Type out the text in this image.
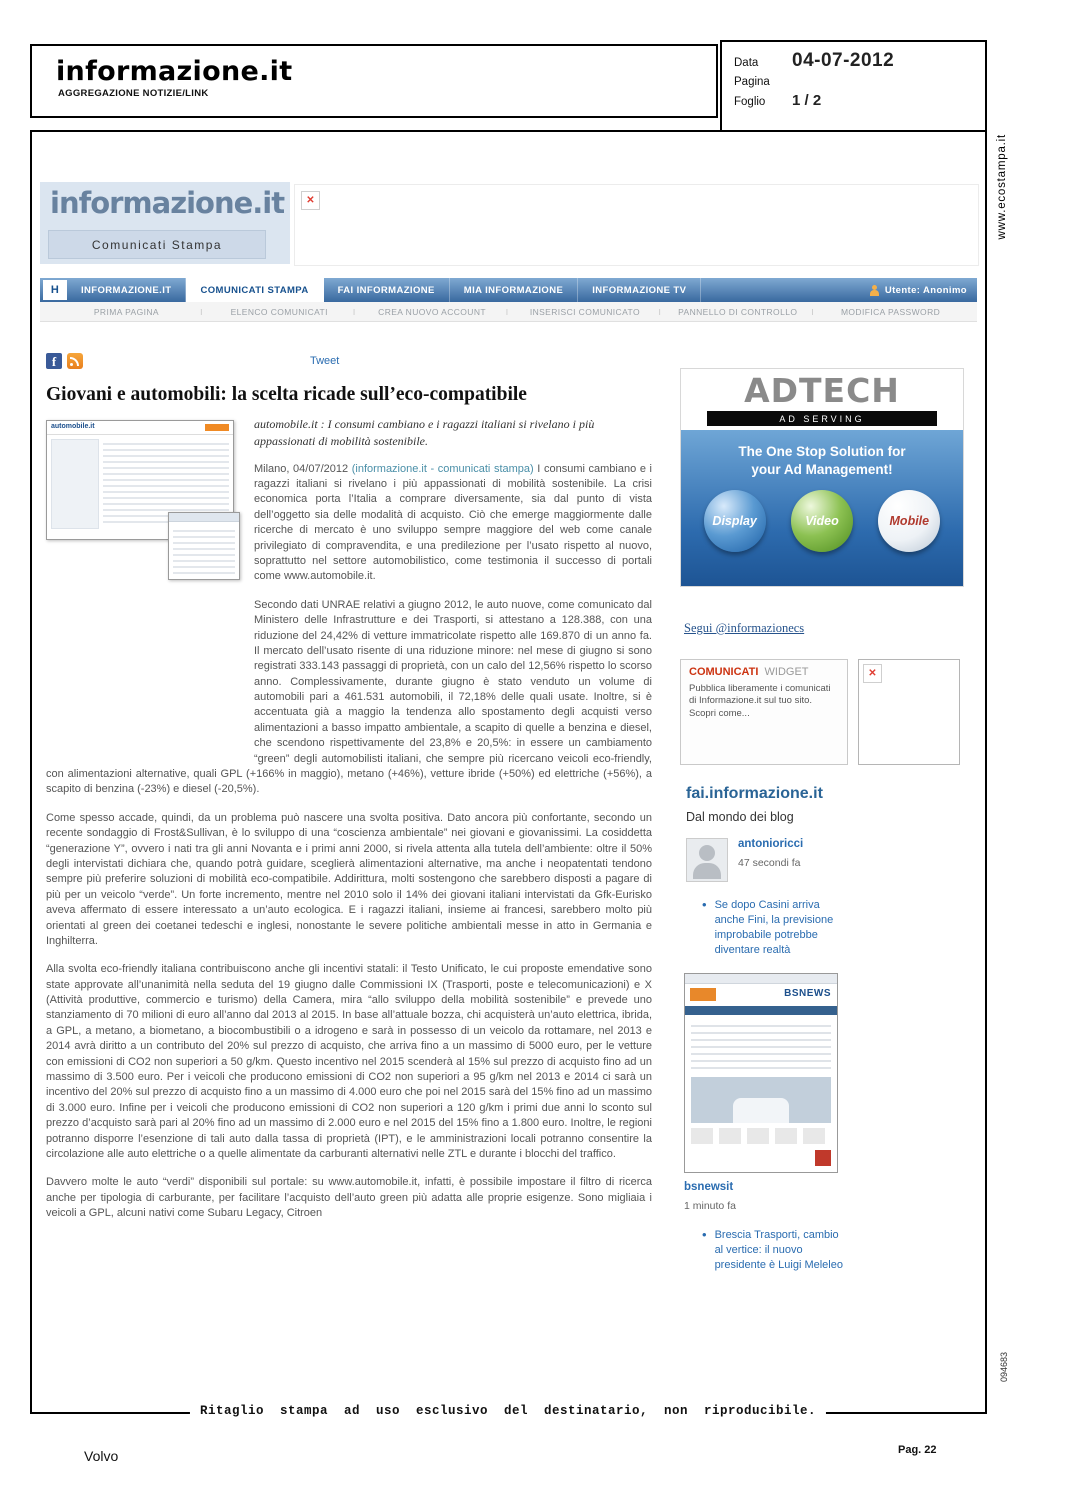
informazione.it
AGGREGAZIONE NOTIZIE/LINK
Data	04-07-2012
Pagina
Foglio	1 / 2
www.ecostampa.it
094683
informazione.it
Comunicati Stampa
✕
H	INFORMAZIONE.IT	COMUNICATI STAMPA	FAI INFORMAZIONE	MIA INFORMAZIONE	INFORMAZIONE TV	Utente: Anonimo
PRIMA PAGINA I	ELENCO COMUNICATI I	CREA NUOVO ACCOUNT I	INSERISCI COMUNICATO I	PANNELLO DI CONTROLLO I	MODIFICA PASSWORD
f	Tweet
Giovani e automobili: la scelta ricade sull’eco-compatibile
automobile.it	automobile.it : I consumi cambiano e i ragazzi italiani si rivelano i più appassionati di mobilità sostenibile.

Milano, 04/07/2012 (informazione.it - comunicati stampa) I consumi cambiano e i ragazzi italiani si rivelano i più appassionati di mobilità sostenibile. La crisi economica porta l’Italia a comprare diversamente, sia dal punto di vista dell’oggetto sia delle modalità di acquisto. Ciò che emerge maggiormente dalle ricerche di mercato è uno sviluppo sempre maggiore del web come canale privilegiato di compravendita, e una predilezione per l’usato rispetto al nuovo, soprattutto nel settore automobilistico, come testimonia il successo di portali come www.automobile.it.

Secondo dati UNRAE relativi a giugno 2012, le auto nuove, come comunicato dal Ministero delle Infrastrutture e dei Trasporti, si attestano a 128.388, con una riduzione del 24,42% di vetture immatricolate rispetto alle 169.870 di un anno fa. Il mercato dell’usato risente di una riduzione minore: nel mese di giugno si sono registrati 333.143 passaggi di proprietà, con un calo del 12,56% rispetto lo scorso anno. Complessivamente, durante giugno è stato venduto un volume di automobili pari a 461.531 automobili, il 72,18% delle quali usate. Inoltre, si è accentuata già a maggio la tendenza allo spostamento degli acquisti verso alimentazioni a basso impatto ambientale, a scapito di quelle a benzina e diesel, che scendono rispettivamente del 23,8% e 20,5%: in essere un cambiamento “green” degli automobilisti italiani, che sempre più ricercano veicoli eco-friendly, con alimentazioni alternative, quali GPL (+166% in maggio), metano (+46%), vetture ibride (+50%) ed elettriche (+56%), a scapito di benzina (-23%) e diesel (-20,5%).

Come spesso accade, quindi, da un problema può nascere una svolta positiva. Dato ancora più confortante, secondo un recente sondaggio di Frost&Sullivan, è lo sviluppo di una “coscienza ambientale” nei giovani e giovanissimi. La cosiddetta “generazione Y”, ovvero i nati tra gli anni Novanta e i primi anni 2000, si rivela attenta alla tutela dell’ambiente: oltre il 50% degli intervistati dichiara che, quando potrà guidare, sceglierà alimentazioni alternative, ma anche i neopatentati tendono sempre più preferire soluzioni di mobilità eco-compatibile. Addirittura, molti sostengono che sarebbero disposti a pagare di più per un veicolo “verde”. Un forte incremento, mentre nel 2010 solo il 14% dei giovani italiani intervistati da Gfk-Eurisko aveva affermato di essere interessato a un’auto ecologica. E i ragazzi italiani, insieme ai francesi, sarebbero molto più orientati al green dei coetanei tedeschi e inglesi, nonostante le severe politiche ambientali messe in atto in Germania e Inghilterra.

Alla svolta eco-friendly italiana contribuiscono anche gli incentivi statali: il Testo Unificato, le cui proposte emendative sono state approvate all’unanimità nella seduta del 19 giugno dalle Commissioni IX (Trasporti, poste e telecomunicazioni) e X (Attività produttive, commercio e turismo) della Camera, mira “allo sviluppo della mobilità sostenibile” e prevede uno stanziamento di 70 milioni di euro all’anno dal 2013 al 2015. In base all’attuale bozza, chi acquisterà un’auto elettrica, ibrida, a GPL, a metano, a biometano, a biocombustibili o a idrogeno e sarà in possesso di un veicolo da rottamare, nel 2013 e 2014 avrà diritto a un contributo del 20% sul prezzo di acquisto, che arriva fino a un massimo di 5000 euro, per le vetture con emissioni di CO2 non superiori a 50 g/km. Questo incentivo nel 2015 scenderà al 15% sul prezzo di acquisto fino ad un massimo di 3.500 euro. Per i veicoli che producono emissioni di CO2 non superiori a 95 g/km nel 2013 e 2014 ci sarà un incentivo del 20% sul prezzo di acquisto fino a un massimo di 4.000 euro che poi nel 2015 sarà del 15% fino ad un massimo di 3.000 euro. Infine per i veicoli che producono emissioni di CO2 non superiori a 120 g/km i primi due anni lo sconto sul prezzo d’acquisto sarà pari al 20% fino ad un massimo di 2.000 euro e nel 2015 del 15% fino a 1.800 euro. Inoltre, le regioni potranno disporre l’esenzione di tali auto dalla tassa di proprietà (IPT), e le amministrazioni locali potranno consentire la circolazione alle auto elettriche o a quelle alimentate da carburanti alternativi nelle ZTL e durante i blocchi del traffico.

Davvero molte le auto “verdi” disponibili sul portale: su www.automobile.it, infatti, è possibile impostare il filtro di ricerca anche per tipologia di carburante, per facilitare l’acquisto dell’auto green più adatta alle proprie esigenze. Sono migliaia i veicoli a GPL, alcuni nativi come Subaru Legacy, Citroen

ADTECH
AD SERVING
The One Stop Solution for
your Ad Management!
Display	Video	Mobile
Segui @informazionecs
COMUNICATI WIDGET
Pubblica liberamente i comunicati di Informazione.it sul tuo sito. Scopri come...
✕
fai.informazione.it
Dal mondo dei blog
antonioricci
47 secondi fa
• Se dopo Casini arriva anche Fini, la previsione improbabile potrebbe diventare realtà
BSNEWS
bsnewsit
1 minuto fa
• Brescia Trasporti, cambio al vertice: il nuovo presidente è Luigi Meleleo
Ritaglio stampa ad uso esclusivo del destinatario, non riproducibile.
Volvo	Pag. 22
